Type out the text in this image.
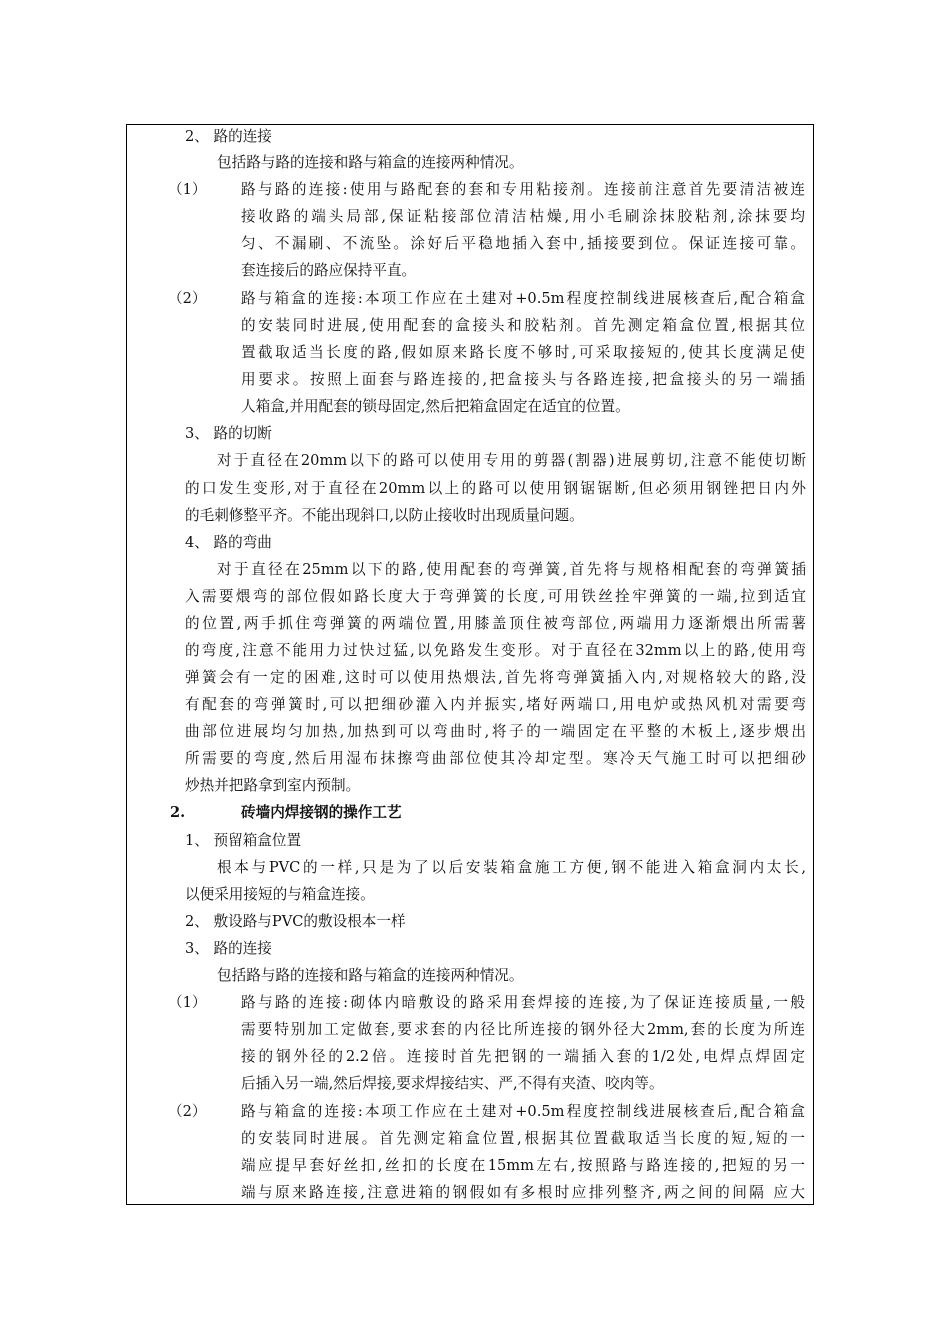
2、 路的连接
包括路与路的连接和路与箱盒的连接两种情况。
（1） 路与路的连接:使用与路配套的套和专用粘接剂。连接前注意首先要清洁被连
接收路的端头局部,保证粘接部位清洁枯燥,用小毛刷涂抹胶粘剂,涂抹要均
匀、不漏刷、不流坠。涂好后平稳地插入套中,插接要到位。保证连接可靠。
套连接后的路应保持平直。
（2） 路与箱盒的连接:本项工作应在土建对+0.5m程度控制线进展核查后,配合箱盒
的安装同时进展,使用配套的盒接头和胶粘剂。首先测定箱盒位置,根据其位
置截取适当长度的路,假如原来路长度不够时,可采取接短的,使其长度满足使
用要求。按照上面套与路连接的,把盒接头与各路连接,把盒接头的另一端插
人箱盒,并用配套的锁母固定,然后把箱盒固定在适宜的位置。
3、 路的切断
对于直径在20mm以下的路可以使用专用的剪器(割器)进展剪切,注意不能使切断
的口发生变形,对于直径在20mm以上的路可以使用钢锯锯断,但必须用钢锉把日内外
的毛刺修整平齐。不能出现斜口,以防止接收时出现质量问题。
4、 路的弯曲
对于直径在25mm以下的路,使用配套的弯弹簧,首先将与规格相配套的弯弹簧插
入需要煨弯的部位假如路长度大于弯弹簧的长度,可用铁丝拴牢弹簧的一端,拉到适宜
的位置,两手抓住弯弹簧的两端位置,用膝盖顶住被弯部位,两端用力逐渐煨出所需薯
的弯度,注意不能用力过快过猛,以免路发生变形。对于直径在32mm以上的路,使用弯
弹簧会有一定的困难,这时可以使用热煨法,首先将弯弹簧插入内,对规格较大的路,没
有配套的弯弹簧时,可以把细砂灌入内并振实,堵好两端口,用电炉或热风机对需要弯
曲部位进展均匀加热,加热到可以弯曲时,将子的一端固定在平整的木板上,逐步煨出
所需要的弯度,然后用湿布抹擦弯曲部位使其冷却定型。寒冷天气施工时可以把细砂
炒热并把路拿到室内预制。
2.	砖墙内焊接钢的操作工艺
1、 预留箱盒位置
根本与PVC的一样,只是为了以后安装箱盒施工方便,钢不能进入箱盒洞内太长,
以便采用接短的与箱盒连接。
2、 敷设路与PVC的敷设根本一样
3、 路的连接
包括路与路的连接和路与箱盒的连接两种情况。
（1） 路与路的连接:砌体内暗敷设的路采用套焊接的连接,为了保证连接质量,一般
需要特别加工定做套,要求套的内径比所连接的钢外径大2mm,套的长度为所连
接的钢外径的2.2倍。连接时首先把钢的一端插入套的1/2处,电焊点焊固定
后插入另一端,然后焊接,要求焊接结实、严,不得有夹渣、咬肉等。
（2） 路与箱盒的连接:本项工作应在土建对+0.5m程度控制线进展核查后,配合箱盒
的安装同时进展。首先测定箱盒位置,根据其位置截取适当长度的短,短的一
端应提早套好丝扣,丝扣的长度在15mm左右,按照路与路连接的,把短的另一
端与原来路连接,注意进箱的钢假如有多根时应排列整齐,两之间的间隔 应大
